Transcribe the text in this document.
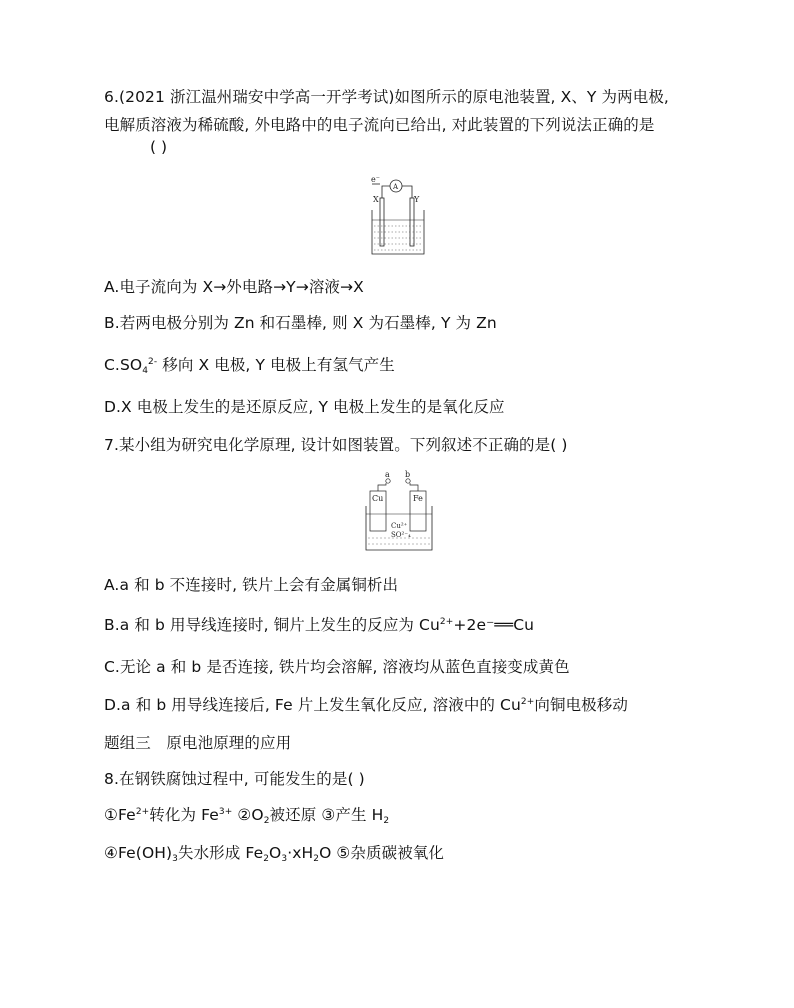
6.(2021 浙江温州瑞安中学高一开学考试)如图所示的原电池装置, X、Y 为两电极,
电解质溶液为稀硫酸, 外电路中的电子流向已给出, 对此装置的下列说法正确的是
( )
e⁻
A
X	Y
A.电子流向为 X→外电路→Y→溶液→X
B.若两电极分别为 Zn 和石墨棒, 则 X 为石墨棒, Y 为 Zn
$C.SO_4^{2-}$ 移向 X 电极, Y 电极上有氢气产生
D.X 电极上发生的是还原反应, Y 电极上发生的是氧化反应
7.某小组为研究电化学原理, 设计如图装置。下列叙述不正确的是( )
a b
Cu	Fe
Cu²⁺
SO²⁻₄
A.a 和 b 不连接时, 铁片上会有金属铜析出
B.a 和 b 用导线连接时, 铜片上发生的反应为 $Cu^{2+}+2e^-══Cu$
C.无论 a 和 b 是否连接, 铁片均会溶解, 溶液均从蓝色直接变成黄色
D.a 和 b 用导线连接后, Fe 片上发生氧化反应, 溶液中的 $Cu^{2+}$向铜电极移动
题组三　原电池原理的应用
8.在钢铁腐蚀过程中, 可能发生的是( )
$①Fe^{2+}$转化为 $Fe^{3+}$ $②O_2$被还原 ③产生 $H_2$
$④Fe(OH)_3$失水形成 $Fe_2O_3\cdot xH_2O$ ⑤杂质碳被氧化
